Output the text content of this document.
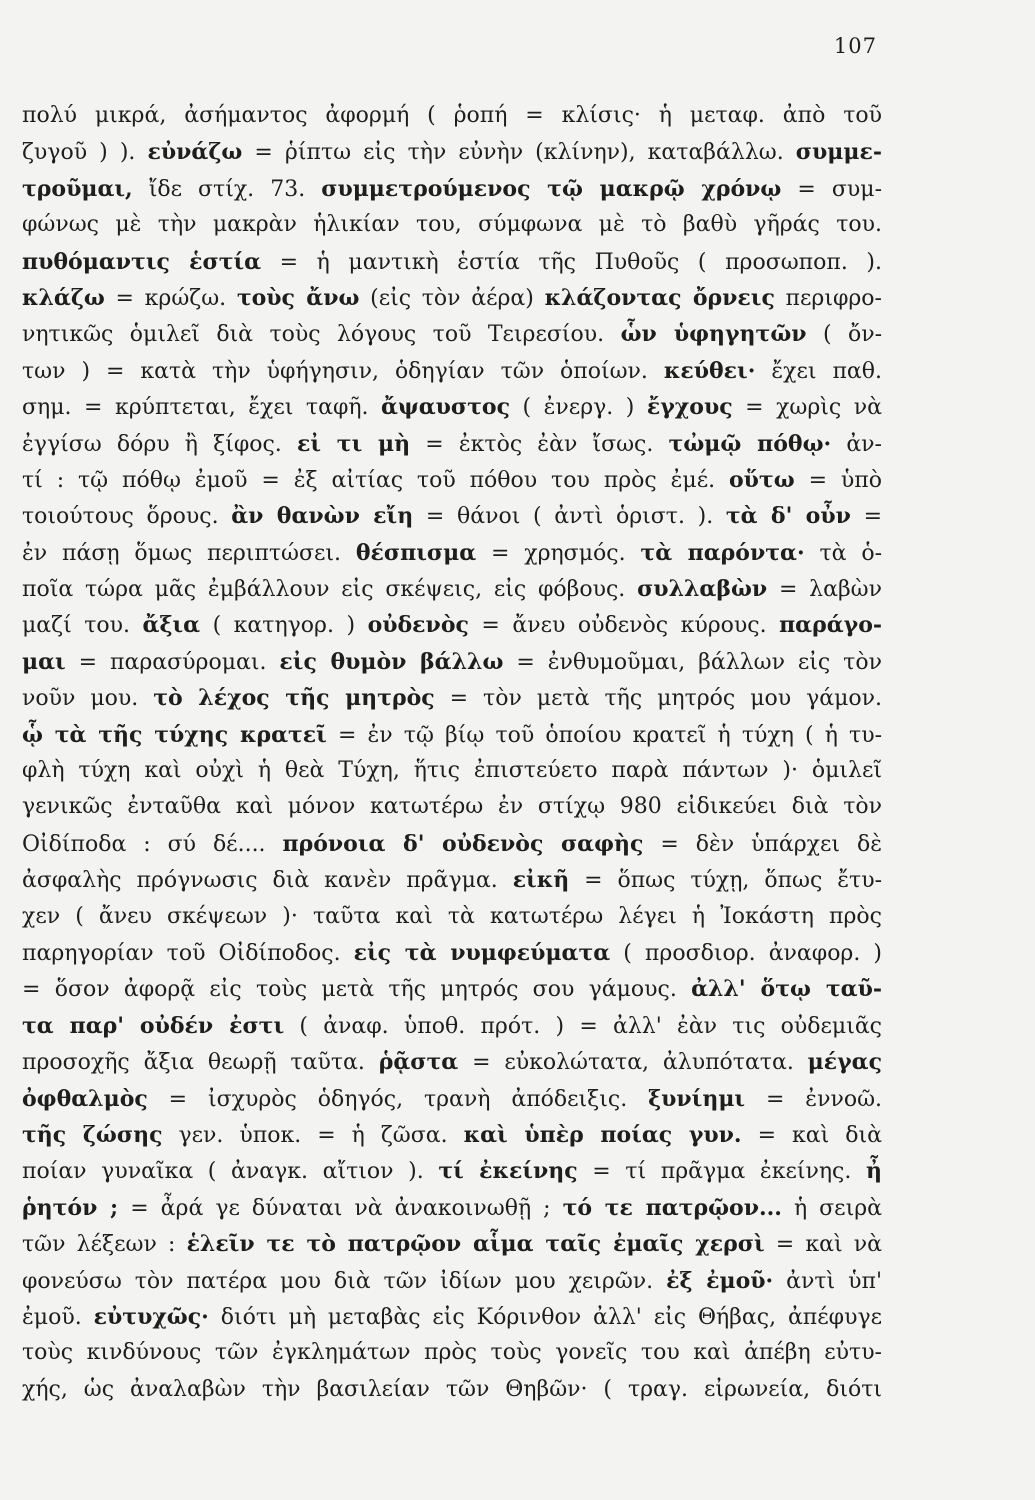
107
πολύ μικρά, ἀσήμαντος ἀφορμή ( ῥοπή = κλίσις· ἡ μεταφ. ἀπὸ τοῦ
ζυγοῦ ) ). εὐνάζω = ῥίπτω εἰς τὴν εὐνὴν (κλίνην), καταβάλλω. συμμε-
τροῦμαι, ἴδε στίχ. 73. συμμετρούμενος τῷ μακρῷ χρόνῳ = συμ-
φώνως μὲ τὴν μακρὰν ἡλικίαν του, σύμφωνα μὲ τὸ βαθὺ γῆράς του.
πυθόμαντις ἑστία = ἡ μαντικὴ ἑστία τῆς Πυθοῦς ( προσωποπ. ).
κλάζω = κρώζω. τοὺς ἄνω (εἰς τὸν ἀέρα) κλάζοντας ὄρνεις περιφρο-
νητικῶς ὁμιλεῖ διὰ τοὺς λόγους τοῦ Τειρεσίου. ὧν ὑφηγητῶν ( ὄν-
των ) = κατὰ τὴν ὑφήγησιν, ὁδηγίαν τῶν ὁποίων. κεύθει· ἔχει παθ.
σημ. = κρύπτεται, ἔχει ταφῆ. ἄψαυστος ( ἐνεργ. ) ἔγχους = χωρὶς νὰ
ἐγγίσω δόρυ ἢ ξίφος. εἰ τι μὴ = ἐκτὸς ἐὰν ἴσως. τὠμῷ πόθῳ· ἀν-
τί : τῷ πόθῳ ἐμοῦ = ἐξ αἰτίας τοῦ πόθου του πρὸς ἐμέ. οὕτω = ὑπὸ
τοιούτους ὅρους. ἂν θανὼν εἴη = θάνοι ( ἀντὶ ὁριστ. ). τὰ δ' οὖν =
ἐν πάσῃ ὅμως περιπτώσει. θέσπισμα = χρησμός. τὰ παρόντα· τὰ ὁ-
ποῖα τώρα μᾶς ἐμβάλλουν εἰς σκέψεις, εἰς φόβους. συλλαβὼν = λαβὼν
μαζί του. ἄξια ( κατηγορ. ) οὐδενὸς = ἄνευ οὐδενὸς κύρους. παράγο-
μαι = παρασύρομαι. εἰς θυμὸν βάλλω = ἐνθυμοῦμαι, βάλλων εἰς τὸν
νοῦν μου. τὸ λέχος τῆς μητρὸς = τὸν μετὰ τῆς μητρός μου γάμον.
ᾧ τὰ τῆς τύχης κρατεῖ = ἐν τῷ βίῳ τοῦ ὁποίου κρατεῖ ἡ τύχη ( ἡ τυ-
φλὴ τύχη καὶ οὐχὶ ἡ θεὰ Τύχη, ἥτις ἐπιστεύετο παρὰ πάντων )· ὁμιλεῖ
γενικῶς ἐνταῦθα καὶ μόνον κατωτέρω ἐν στίχῳ 980 εἰδικεύει διὰ τὸν
Οἰδίποδα : σύ δέ.... πρόνοια δ' οὐδενὸς σαφὴς = δὲν ὑπάρχει δὲ
ἀσφαλὴς πρόγνωσις διὰ κανὲν πρᾶγμα. εἰκῆ = ὅπως τύχῃ, ὅπως ἔτυ-
χεν ( ἄνευ σκέψεων )· ταῦτα καὶ τὰ κατωτέρω λέγει ἡ Ἰοκάστη πρὸς
παρηγορίαν τοῦ Οἰδίποδος. εἰς τὰ νυμφεύματα ( προσδιορ. ἀναφορ. )
= ὅσον ἀφορᾷ εἰς τοὺς μετὰ τῆς μητρός σου γάμους. ἀλλ' ὅτῳ ταῦ-
τα παρ' οὐδέν ἐστι ( ἀναφ. ὑποθ. πρότ. ) = ἀλλ' ἐὰν τις οὐδεμιᾶς
προσοχῆς ἄξια θεωρῇ ταῦτα. ῥᾷστα = εὐκολώτατα, ἀλυπότατα. μέγας
ὀφθαλμὸς = ἰσχυρὸς ὁδηγός, τρανὴ ἀπόδειξις. ξυνίημι = ἐννοῶ.
τῆς ζώσης γεν. ὑποκ. = ἡ ζῶσα. καὶ ὑπὲρ ποίας γυν. = καὶ διὰ
ποίαν γυναῖκα ( ἀναγκ. αἴτιον ). τί ἐκείνης = τί πρᾶγμα ἐκείνης. ἦ
ῥητόν ; = ἆρά γε δύναται νὰ ἀνακοινωθῇ ; τό τε πατρῷον... ἡ σειρὰ
τῶν λέξεων : ἑλεῖν τε τὸ πατρῷον αἷμα ταῖς ἐμαῖς χερσὶ = καὶ νὰ
φονεύσω τὸν πατέρα μου διὰ τῶν ἰδίων μου χειρῶν. ἐξ ἐμοῦ· ἀντὶ ὑπ'
ἐμοῦ. εὐτυχῶς· διότι μὴ μεταβὰς εἰς Κόρινθον ἀλλ' εἰς Θήβας, ἀπέφυγε
τοὺς κινδύνους τῶν ἐγκλημάτων πρὸς τοὺς γονεῖς του καὶ ἀπέβη εὐτυ-
χής, ὡς ἀναλαβὼν τὴν βασιλείαν τῶν Θηβῶν· ( τραγ. εἰρωνεία, διότι
